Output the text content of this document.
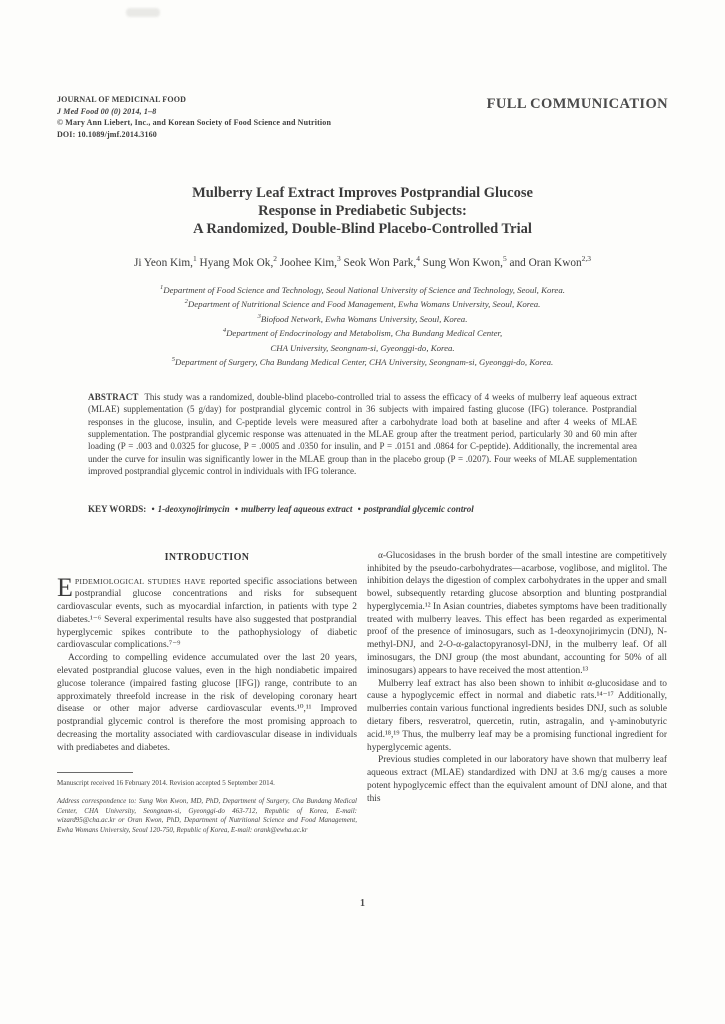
JOURNAL OF MEDICINAL FOOD
J Med Food 00 (0) 2014, 1–8
© Mary Ann Liebert, Inc., and Korean Society of Food Science and Nutrition
DOI: 10.1089/jmf.2014.3160
FULL COMMUNICATION
Mulberry Leaf Extract Improves Postprandial Glucose
Response in Prediabetic Subjects:
A Randomized, Double-Blind Placebo-Controlled Trial
Ji Yeon Kim,$^1$ Hyang Mok Ok,$^2$ Joohee Kim,$^3$ Seok Won Park,$^4$ Sung Won Kwon,$^5$ and Oran Kwon$^{2,3}$
$^1$Department of Food Science and Technology, Seoul National University of Science and Technology, Seoul, Korea.
$^2$Department of Nutritional Science and Food Management, Ewha Womans University, Seoul, Korea.
$^3$Biofood Network, Ewha Womans University, Seoul, Korea.
$^4$Department of Endocrinology and Metabolism, Cha Bundang Medical Center,
CHA University, Seongnam-si, Gyeonggi-do, Korea.
$^5$Department of Surgery, Cha Bundang Medical Center, CHA University, Seongnam-si, Gyeonggi-do, Korea.
ABSTRACT This study was a randomized, double-blind placebo-controlled trial to assess the efficacy of 4 weeks of mulberry leaf aqueous extract (MLAE) supplementation (5 g/day) for postprandial glycemic control in 36 subjects with impaired fasting glucose (IFG) tolerance. Postprandial responses in the glucose, insulin, and C-peptide levels were measured after a carbohydrate load both at baseline and after 4 weeks of MLAE supplementation. The postprandial glycemic response was attenuated in the MLAE group after the treatment period, particularly 30 and 60 min after loading (P = .003 and 0.0325 for glucose, P = .0005 and .0350 for insulin, and P = .0151 and .0864 for C-peptide). Additionally, the incremental area under the curve for insulin was significantly lower in the MLAE group than in the placebo group (P = .0207). Four weeks of MLAE supplementation improved postprandial glycemic control in individuals with IFG tolerance.
KEY WORDS: • 1-deoxynojirimycin • mulberry leaf aqueous extract • postprandial glycemic control
INTRODUCTION

EPIDEMIOLOGICAL STUDIES HAVE reported specific associations between postprandial glucose concentrations and risks for subsequent cardiovascular events, such as myocardial infarction, in patients with type 2 diabetes.¹⁻⁶ Several experimental results have also suggested that postprandial hyperglycemic spikes contribute to the pathophysiology of diabetic cardiovascular complications.⁷⁻⁹

According to compelling evidence accumulated over the last 20 years, elevated postprandial glucose values, even in the high nondiabetic impaired glucose tolerance (impaired fasting glucose [IFG]) range, contribute to an approximately threefold increase in the risk of developing coronary heart disease or other major adverse cardiovascular events.¹⁰,¹¹ Improved postprandial glycemic control is therefore the most promising approach to decreasing the mortality associated with cardiovascular disease in individuals with prediabetes and diabetes.

Manuscript received 16 February 2014. Revision accepted 5 September 2014.
Address correspondence to: Sung Won Kwon, MD, PhD, Department of Surgery, Cha Bundang Medical Center, CHA University, Seongnam-si, Gyeonggi-do 463-712, Republic of Korea, E-mail: wizard95@cha.ac.kr or Oran Kwon, PhD, Department of Nutritional Science and Food Management, Ewha Womans University, Seoul 120-750, Republic of Korea, E-mail: orank@ewha.ac.kr

α-Glucosidases in the brush border of the small intestine are competitively inhibited by the pseudo-carbohydrates—acarbose, voglibose, and miglitol. The inhibition delays the digestion of complex carbohydrates in the upper and small bowel, subsequently retarding glucose absorption and blunting postprandial hyperglycemia.¹² In Asian countries, diabetes symptoms have been traditionally treated with mulberry leaves. This effect has been regarded as experimental proof of the presence of iminosugars, such as 1-deoxynojirimycin (DNJ), N-methyl-DNJ, and 2-O-α-galactopyranosyl-DNJ, in the mulberry leaf. Of all iminosugars, the DNJ group (the most abundant, accounting for 50% of all iminosugars) appears to have received the most attention.¹³

Mulberry leaf extract has also been shown to inhibit α-glucosidase and to cause a hypoglycemic effect in normal and diabetic rats.¹⁴⁻¹⁷ Additionally, mulberries contain various functional ingredients besides DNJ, such as soluble dietary fibers, resveratrol, quercetin, rutin, astragalin, and γ-aminobutyric acid.¹⁸,¹⁹ Thus, the mulberry leaf may be a promising functional ingredient for hyperglycemic agents.

Previous studies completed in our laboratory have shown that mulberry leaf aqueous extract (MLAE) standardized with DNJ at 3.6 mg/g causes a more potent hypoglycemic effect than the equivalent amount of DNJ alone, and that this

1
